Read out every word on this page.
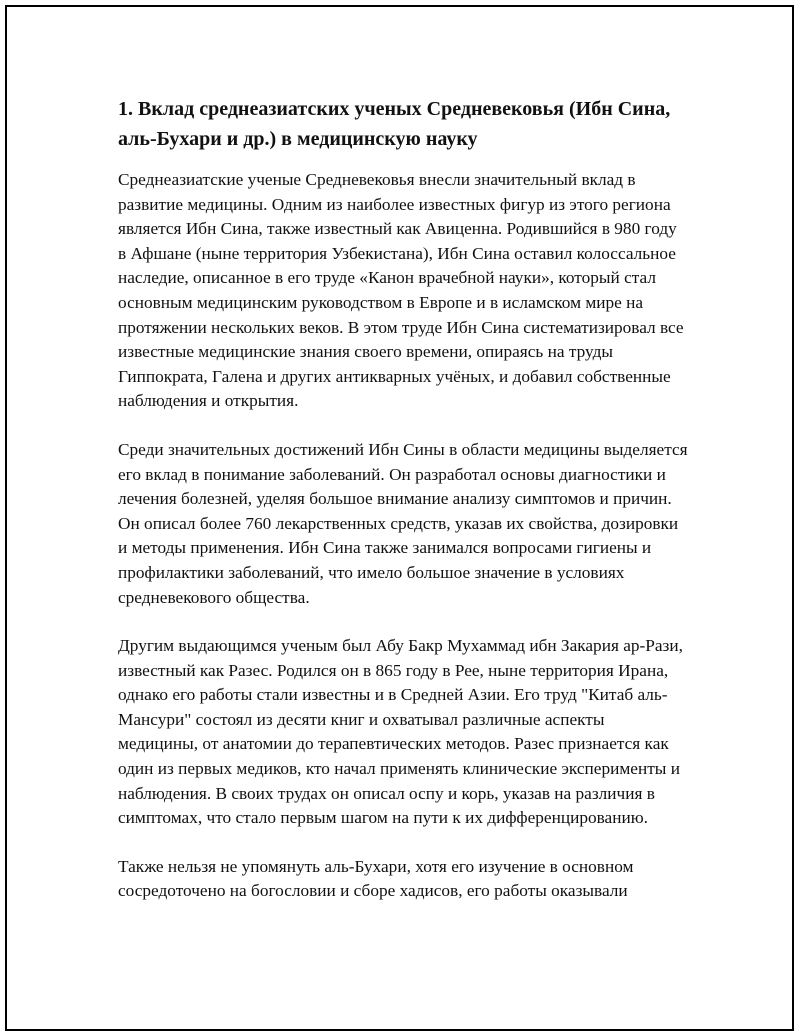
1. Вклад среднеазиатских ученых Средневековья (Ибн Сина, аль-Бухари и др.) в медицинскую науку

Среднеазиатские ученые Средневековья внесли значительный вклад в развитие медицины. Одним из наиболее известных фигур из этого региона является Ибн Сина, также известный как Авиценна. Родившийся в 980 году в Афшане (ныне территория Узбекистана), Ибн Сина оставил колоссальное наследие, описанное в его труде «Канон врачебной науки», который стал основным медицинским руководством в Европе и в исламском мире на протяжении нескольких веков. В этом труде Ибн Сина систематизировал все известные медицинские знания своего времени, опираясь на труды Гиппократа, Галена и других антикварных учёных, и добавил собственные наблюдения и открытия.

Среди значительных достижений Ибн Сины в области медицины выделяется его вклад в понимание заболеваний. Он разработал основы диагностики и лечения болезней, уделяя большое внимание анализу симптомов и причин. Он описал более 760 лекарственных средств, указав их свойства, дозировки и методы применения. Ибн Сина также занимался вопросами гигиены и профилактики заболеваний, что имело большое значение в условиях средневекового общества.

Другим выдающимся ученым был Абу Бакр Мухаммад ибн Закария ар-Рази, известный как Разес. Родился он в 865 году в Рее, ныне территория Ирана, однако его работы стали известны и в Средней Азии. Его труд "Китаб аль-Мансури" состоял из десяти книг и охватывал различные аспекты медицины, от анатомии до терапевтических методов. Разес признается как один из первых медиков, кто начал применять клинические эксперименты и наблюдения. В своих трудах он описал оспу и корь, указав на различия в симптомах, что стало первым шагом на пути к их дифференцированию.

Также нельзя не упомянуть аль-Бухари, хотя его изучение в основном сосредоточено на богословии и сборе хадисов, его работы оказывали
